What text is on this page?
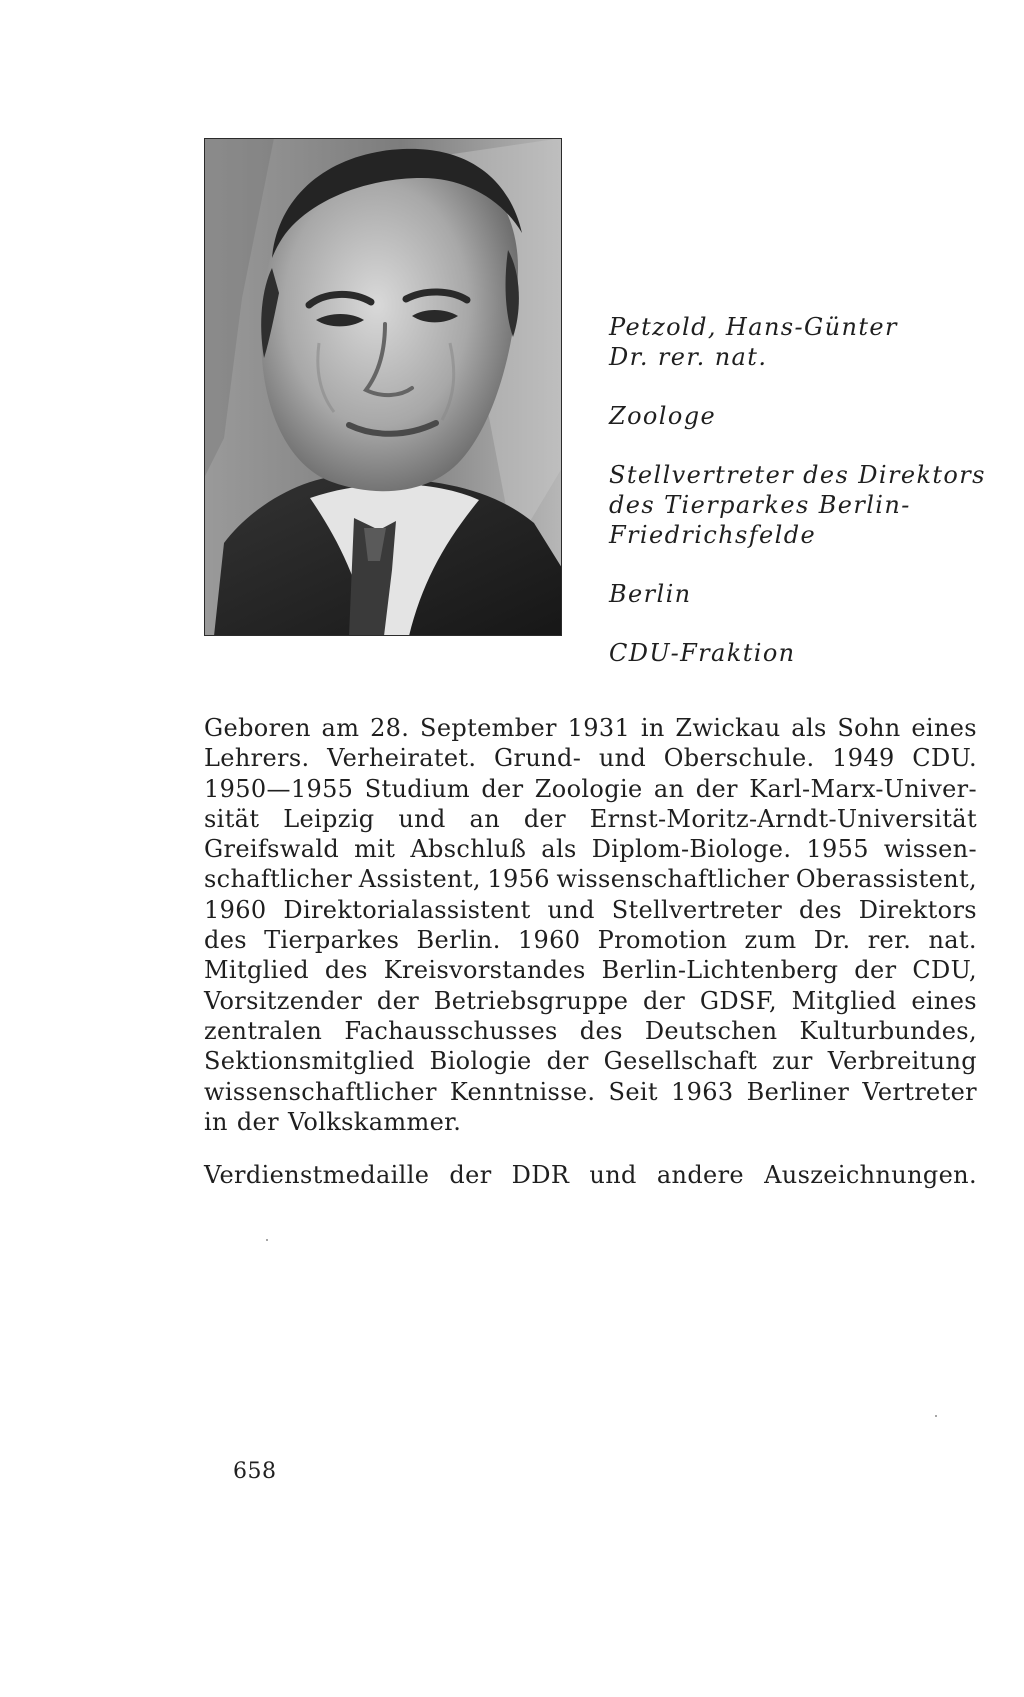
Petzold, Hans-Günter
Dr. rer. nat.
Zoologe
Stellvertreter des Direktors
des Tierparkes Berlin-
Friedrichsfelde
Berlin
CDU-Fraktion
Geboren am 28. September 1931 in Zwickau als Sohn eines
Lehrers. Verheiratet. Grund- und Oberschule. 1949 CDU.
1950—1955 Studium der Zoologie an der Karl-Marx-Univer-
sität Leipzig und an der Ernst-Moritz-Arndt-Universität
Greifswald mit Abschluß als Diplom-Biologe. 1955 wissen-
schaftlicher Assistent, 1956 wissenschaftlicher Oberassistent,
1960 Direktorialassistent und Stellvertreter des Direktors
des Tierparkes Berlin. 1960 Promotion zum Dr. rer. nat.
Mitglied des Kreisvorstandes Berlin-Lichtenberg der CDU,
Vorsitzender der Betriebsgruppe der GDSF, Mitglied eines
zentralen Fachausschusses des Deutschen Kulturbundes,
Sektionsmitglied Biologie der Gesellschaft zur Verbreitung
wissenschaftlicher Kenntnisse. Seit 1963 Berliner Vertreter
in der Volkskammer.
Verdienstmedaille der DDR und andere Auszeichnungen.
658
